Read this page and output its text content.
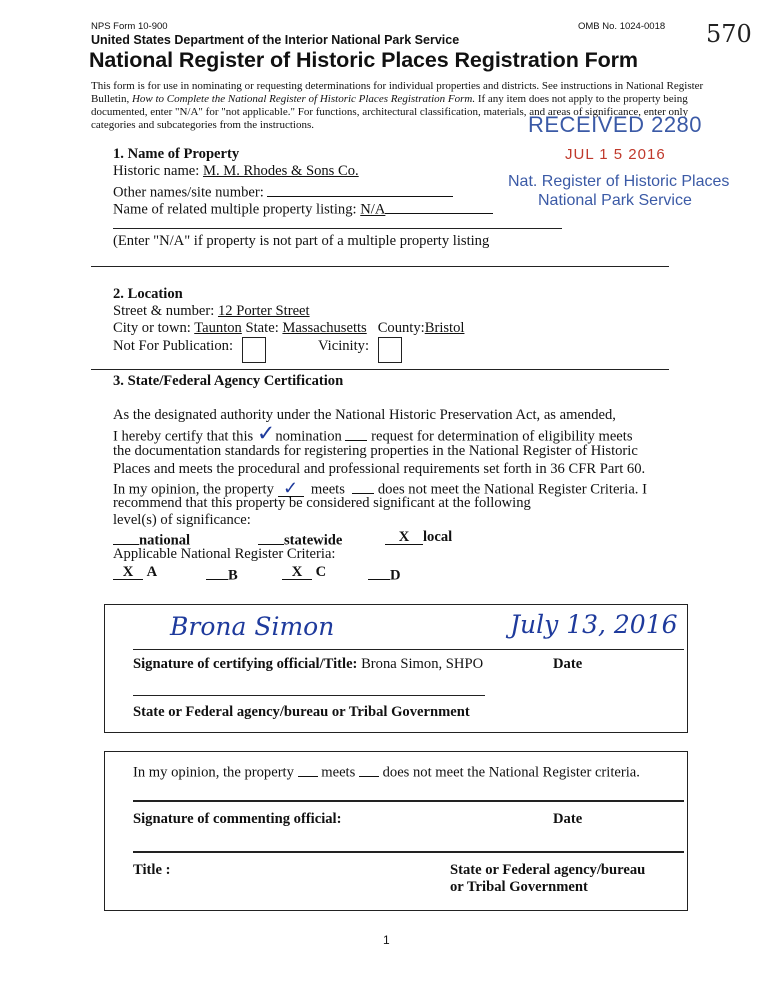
NPS Form 10-900	OMB No. 1024-0018 570
United States Department of the Interior National Park Service
National Register of Historic Places Registration Form
This form is for use in nominating or requesting determinations for individual properties and districts. See instructions in National Register
Bulletin, How to Complete the National Register of Historic Places Registration Form. If any item does not apply to the property being
documented, enter "N/A" for "not applicable." For functions, architectural classification, materials, and areas of significance, enter only
categories and subcategories from the instructions.	RECEIVED 2280
JUL 1 5 2016
Nat. Register of Historic Places
National Park Service
1. Name of Property
Historic name: M. M. Rhodes & Sons Co.
Other names/site number:
Name of related multiple property listing: N/A
(Enter "N/A" if property is not part of a multiple property listing
2. Location
Street & number: 12 Porter Street
City or town: Taunton State: Massachusetts County:Bristol
Not For Publication:	Vicinity:
3. State/Federal Agency Certification
As the designated authority under the National Historic Preservation Act, as amended,
I hereby certify that this ✓nomination request for determination of eligibility meets
the documentation standards for registering properties in the National Register of Historic
Places and meets the procedural and professional requirements set forth in 36 CFR Part 60.
In my opinion, the property ✓ meets does not meet the National Register Criteria. I
recommend that this property be considered significant at the following
level(s) of significance:
national	statewide	X local
Applicable National Register Criteria:
X A	B	X C	D
Brona Simon	July 13, 2016
Signature of certifying official/Title: Brona Simon, SHPO	Date
State or Federal agency/bureau or Tribal Government
In my opinion, the property meets does not meet the National Register criteria.
Signature of commenting official:	Date
Title :	State or Federal agency/bureau
or Tribal Government
1
